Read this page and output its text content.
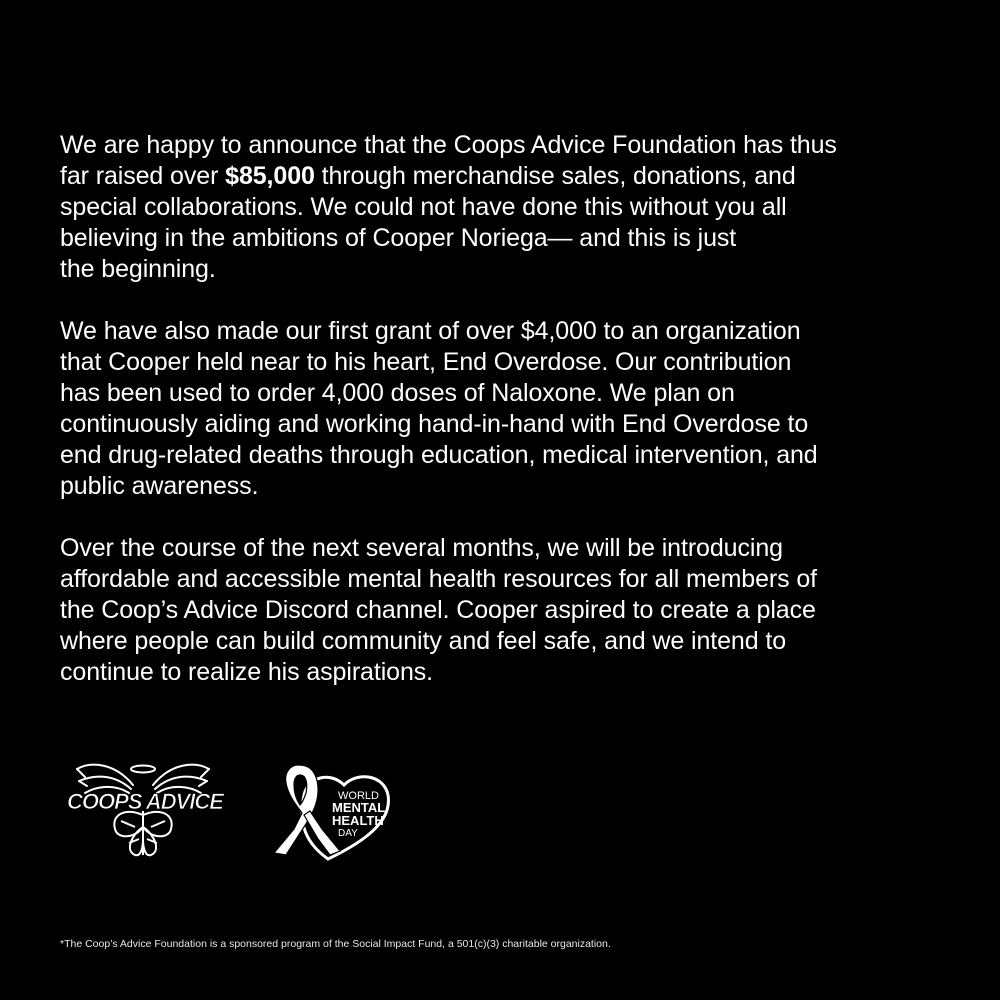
We are happy to announce that the Coops Advice Foundation has thus
far raised over $85,000 through merchandise sales, donations, and
special collaborations. We could not have done this without you all
believing in the ambitions of Cooper Noriega— and this is just
the beginning.

We have also made our first grant of over $4,000 to an organization
that Cooper held near to his heart, End Overdose. Our contribution
has been used to order 4,000 doses of Naloxone. We plan on
continuously aiding and working hand-in-hand with End Overdose to
end drug-related deaths through education, medical intervention, and
public awareness.

Over the course of the next several months, we will be introducing
affordable and accessible mental health resources for all members of
the Coop’s Advice Discord channel. Cooper aspired to create a place
where people can build community and feel safe, and we intend to
continue to realize his aspirations.

COOPS ADVICE	WORLD
MENTAL
HEALTH
DAY
*The Coop’s Advice Foundation is a sponsored program of the Social Impact Fund, a 501(c)(3) charitable organization.
